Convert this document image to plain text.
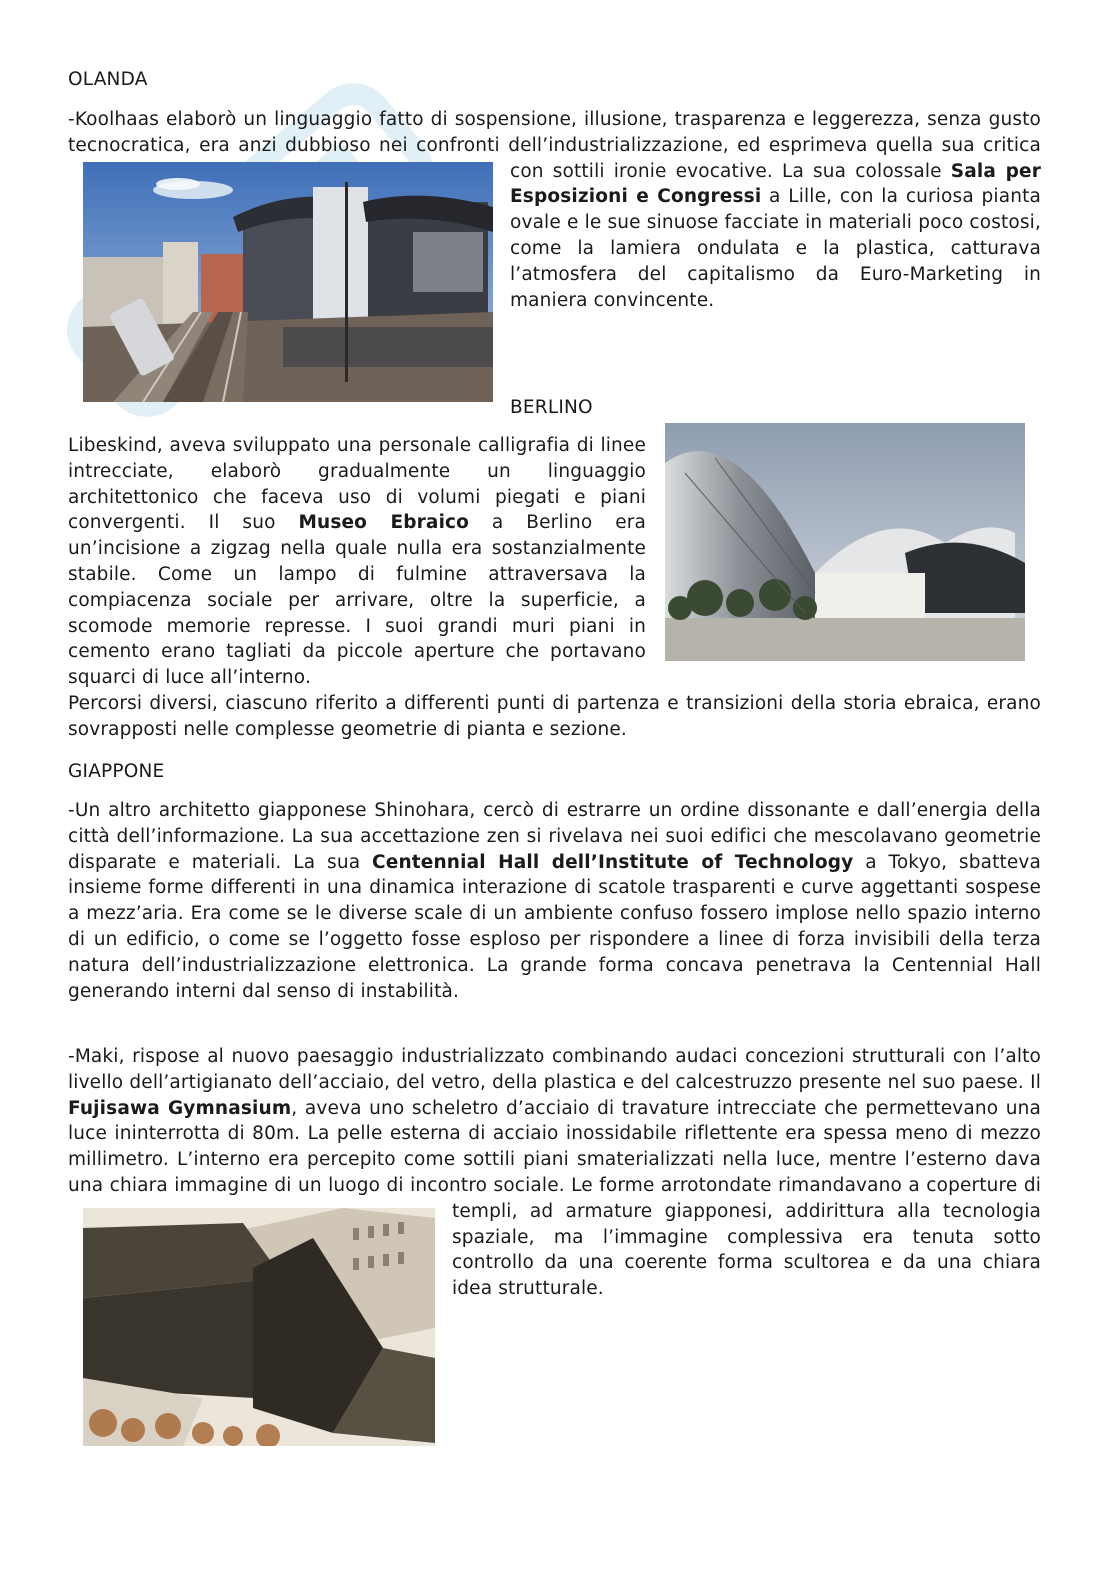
OLANDA

-Koolhaas elaborò un linguaggio fatto di sospensione, illusione, trasparenza e leggerezza, senza gusto tecnocratica, era anzi dubbioso nei confronti dell’industrializzazione, ed esprimeva quella sua critica con sottili ironie evocative. La sua colossale Sala per Esposizioni e Congressi a Lille, con la curiosa pianta ovale e le sue sinuose facciate in materiali poco costosi, come la lamiera ondulata e la plastica, catturava l’atmosfera del capitalismo da Euro-Marketing in maniera convincente.

BERLINO

Libeskind, aveva sviluppato una personale calligrafia di linee intrecciate, elaborò gradualmente un linguaggio architettonico che faceva uso di volumi piegati e piani convergenti. Il suo Museo Ebraico a Berlino era un’incisione a zigzag nella quale nulla era sostanzialmente stabile. Come un lampo di fulmine attraversava la compiacenza sociale per arrivare, oltre la superficie, a scomode memorie represse. I suoi grandi muri piani in cemento erano tagliati da piccole aperture che portavano squarci di luce all’interno.

Percorsi diversi, ciascuno riferito a differenti punti di partenza e transizioni della storia ebraica, erano sovrapposti nelle complesse geometrie di pianta e sezione.

GIAPPONE

-Un altro architetto giapponese Shinohara, cercò di estrarre un ordine dissonante e dall’energia della città dell’informazione. La sua accettazione zen si rivelava nei suoi edifici che mescolavano geometrie disparate e materiali. La sua Centennial Hall dell’Institute of Technology a Tokyo, sbatteva insieme forme differenti in una dinamica interazione di scatole trasparenti e curve aggettanti sospese a mezz’aria. Era come se le diverse scale di un ambiente confuso fossero implose nello spazio interno di un edificio, o come se l’oggetto fosse esploso per rispondere a linee di forza invisibili della terza natura dell’industrializzazione elettronica. La grande forma concava penetrava la Centennial Hall generando interni dal senso di instabilità.

-Maki, rispose al nuovo paesaggio industrializzato combinando audaci concezioni strutturali con l’alto livello dell’artigianato dell’acciaio, del vetro, della plastica e del calcestruzzo presente nel suo paese. Il Fujisawa Gymnasium, aveva uno scheletro d’acciaio di travature intrecciate che permettevano una luce ininterrotta di 80m. La pelle esterna di acciaio inossidabile riflettente era spessa meno di mezzo millimetro. L’interno era percepito come sottili piani smaterializzati nella luce, mentre l’esterno dava una chiara immagine di un luogo di incontro sociale. Le forme arrotondate rimandavano a coperture di templi, ad armature giapponesi, addirittura alla tecnologia spaziale, ma l’immagine complessiva era tenuta sotto controllo da una coerente forma scultorea e da una chiara idea strutturale.
